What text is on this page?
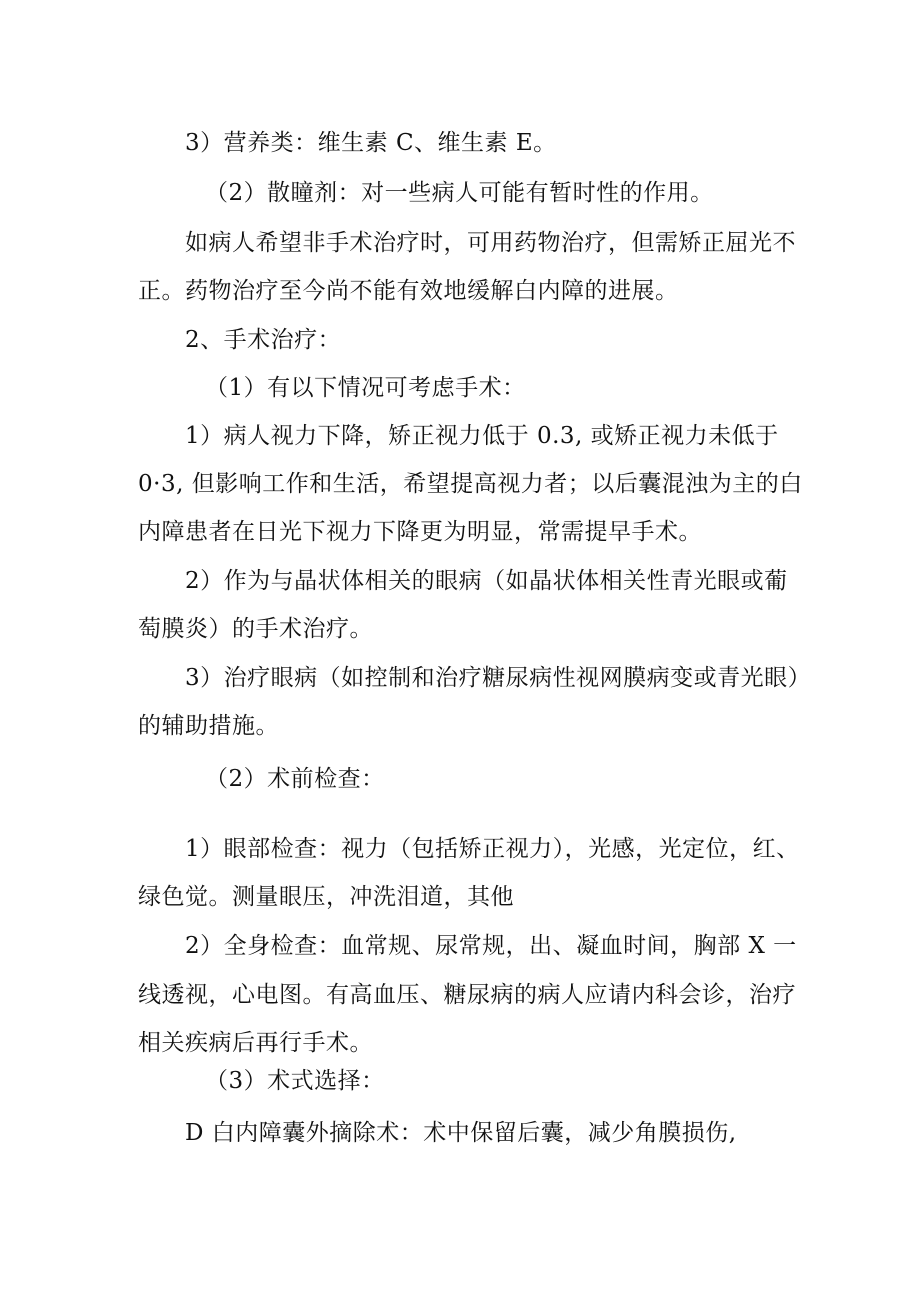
3）营养类：维生素 C、维生素 E。
（2）散瞳剂：对一些病人可能有暂时性的作用。
如病人希望非手术治疗时，可用药物治疗，但需矫正屈光不
正。药物治疗至今尚不能有效地缓解白内障的进展。
2、手术治疗：
（1）有以下情况可考虑手术：
1）病人视力下降，矫正视力低于 0.3, 或矫正视力未低于
0·3, 但影响工作和生活，希望提高视力者；以后囊混浊为主的白
内障患者在日光下视力下降更为明显，常需提早手术。
2）作为与晶状体相关的眼病（如晶状体相关性青光眼或葡
萄膜炎）的手术治疗。
3）治疗眼病（如控制和治疗糖尿病性视网膜病变或青光眼）
的辅助措施。
（2）术前检查：
1）眼部检查：视力（包括矫正视力），光感，光定位，红、
绿色觉。测量眼压，冲洗泪道，其他
2）全身检查：血常规、尿常规，出、凝血时间，胸部 X 一
线透视，心电图。有高血压、糖尿病的病人应请内科会诊，治疗
相关疾病后再行手术。
（3）术式选择：
D 白内障囊外摘除术：术中保留后囊，减少角膜损伤,
